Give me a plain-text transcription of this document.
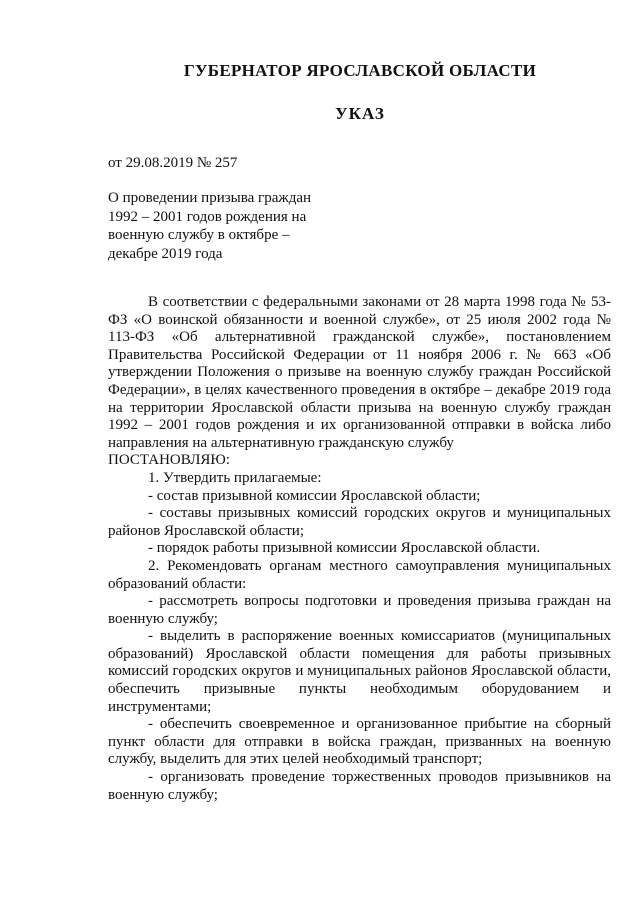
ГУБЕРНАТОР ЯРОСЛАВСКОЙ ОБЛАСТИ
УКАЗ
от 29.08.2019 № 257
О проведении призыва граждан
1992 – 2001 годов рождения на
военную службу в октябре –
декабре 2019 года

В соответствии с федеральными законами от 28 марта 1998 года № 53-ФЗ «О воинской обязанности и военной службе», от 25 июля 2002 года № 113-ФЗ «Об альтернативной гражданской службе», постановлением Правительства Российской Федерации от 11 ноября 2006 г. № 663 «Об утверждении Положения о призыве на военную службу граждан Российской Федерации», в целях качественного проведения в октябре – декабре 2019 года на территории Ярославской области призыва на военную службу граждан 1992 – 2001 годов рождения и их организованной отправки в войска либо направления на альтернативную гражданскую службу

ПОСТАНОВЛЯЮ:

1. Утвердить прилагаемые:

- состав призывной комиссии Ярославской области;

- составы призывных комиссий городских округов и муниципальных районов Ярославской области;

- порядок работы призывной комиссии Ярославской области.

2. Рекомендовать органам местного самоуправления муниципальных образований области:

- рассмотреть вопросы подготовки и проведения призыва граждан на военную службу;

- выделить в распоряжение военных комиссариатов (муниципальных образований) Ярославской области помещения для работы призывных комиссий городских округов и муниципальных районов Ярославской области, обеспечить призывные пункты необходимым оборудованием и инструментами;

- обеспечить своевременное и организованное прибытие на сборный пункт области для отправки в войска граждан, призванных на военную службу, выделить для этих целей необходимый транспорт;

- организовать проведение торжественных проводов призывников на военную службу;
